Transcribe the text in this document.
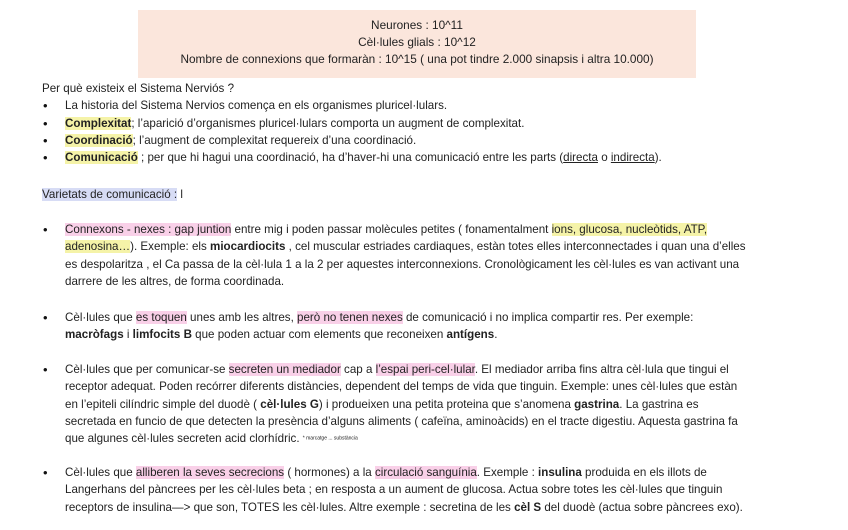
Neurones : 10^11
Cèl·lules glials : 10^12
Nombre de connexions que formaràn : 10^15 ( una pot tindre 2.000 sinapsis i altra 10.000)
Per què existeix el Sistema Nerviós ?
• La historia del Sistema Nervios comença en els organismes pluricel·lulars.
• Complexitat; l’aparició d’organismes pluricel·lulars comporta un augment de complexitat.
• Coordinació; l’augment de complexitat requereix d’una coordinació.
• Comunicació ; per que hi hagui una coordinació, ha d’haver-hi una comunicació entre les parts (directa o indirecta).
Varietats de comunicació : l
• Connexons - nexes : gap juntion entre mig i poden passar molècules petites ( fonamentalment ions, glucosa, nucleòtids, ATP,
adenosina…). Exemple: els miocardiocits , cel muscular estriades cardiaques, estàn totes elles interconnectades i quan una d’elles
es despolaritza , el Ca passa de la cèl·lula 1 a la 2 per aquestes interconnexions. Cronològicament les cèl·lules es van activant una
darrere de les altres, de forma coordinada.
• Cèl·lules que es toquen unes amb les altres, però no tenen nexes de comunicació i no implica compartir res. Per exemple:
macròfags i limfocits B que poden actuar com elements que reconeixen antígens.
• Cèl·lules que per comunicar-se secreten un mediador cap a l’espai peri-cel·lular. El mediador arriba fins altra cèl·lula que tingui el
receptor adequat. Poden recórrer diferents distàncies, dependent del temps de vida que tinguin. Exemple: unes cèl·lules que estàn
en l’epiteli cilíndric simple del duodè ( cèl·lules G) i produeixen una petita proteina que s’anomena gastrina. La gastrina es
secretada en funcio de que detecten la presència d’alguns aliments ( cafeïna, aminoàcids) en el tracte digestiu. Aquesta gastrina fa
que algunes cèl·lules secreten acid clorhídric. * marcatge ... substància
• Cèl·lules que alliberen la seves secrecions ( hormones) a la circulació sanguínia. Exemple : insulina produida en els illots de
Langerhans del pàncrees per les cèl·lules beta ; en resposta a un aument de glucosa. Actua sobre totes les cèl·lules que tinguin
receptors de insulina—> que son, TOTES les cèl·lules. Altre exemple : secretina de les cèl S del duodè (actua sobre pàncrees exo).
